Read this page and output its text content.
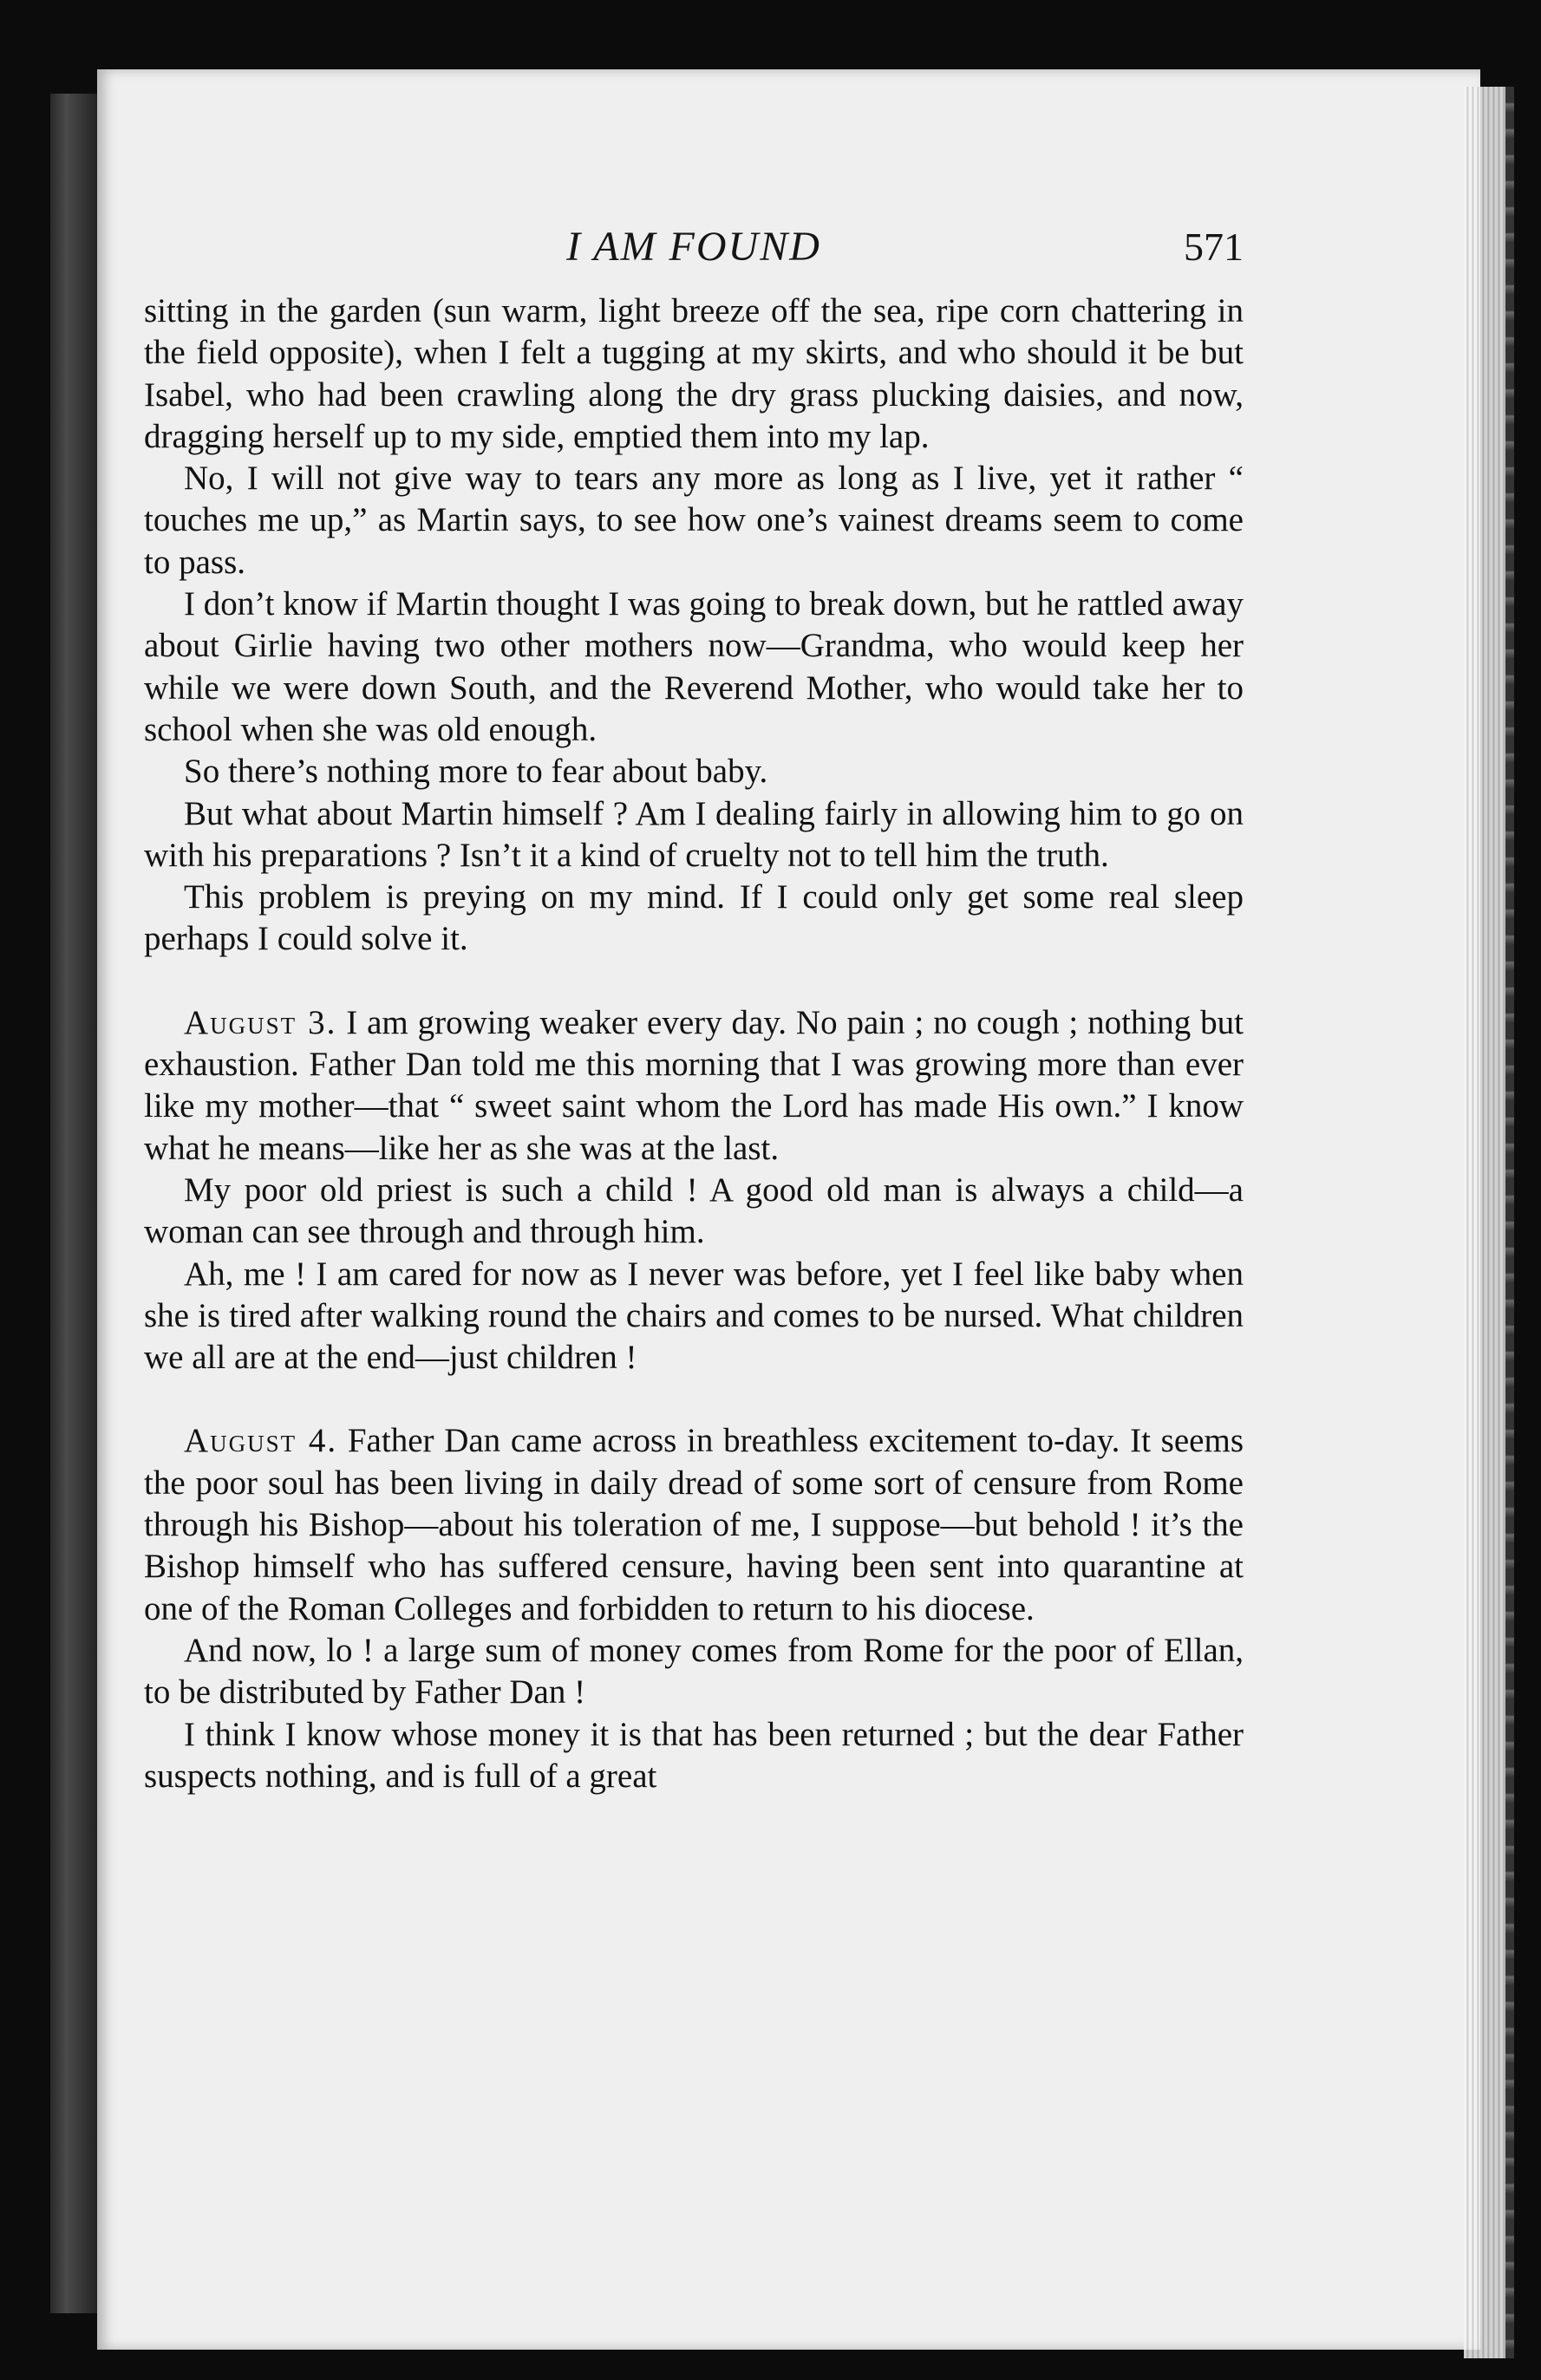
I AM FOUND	571

sitting in the garden (sun warm, light breeze off the sea, ripe corn chattering in the field opposite), when I felt a tugging at my skirts, and who should it be but Isabel, who had been crawling along the dry grass plucking daisies, and now, dragging herself up to my side, emptied them into my lap.

No, I will not give way to tears any more as long as I live, yet it rather “ touches me up,” as Martin says, to see how one’s vainest dreams seem to come to pass.

I don’t know if Martin thought I was going to break down, but he rattled away about Girlie having two other mothers now—Grandma, who would keep her while we were down South, and the Reverend Mother, who would take her to school when she was old enough.

So there’s nothing more to fear about baby.

But what about Martin himself ? Am I dealing fairly in allowing him to go on with his preparations ? Isn’t it a kind of cruelty not to tell him the truth.

This problem is preying on my mind. If I could only get some real sleep perhaps I could solve it.

August 3. I am growing weaker every day. No pain ; no cough ; nothing but exhaustion. Father Dan told me this morning that I was growing more than ever like my mother—that “ sweet saint whom the Lord has made His own.” I know what he means—like her as she was at the last.

My poor old priest is such a child ! A good old man is always a child—a woman can see through and through him.

Ah, me ! I am cared for now as I never was before, yet I feel like baby when she is tired after walking round the chairs and comes to be nursed. What children we all are at the end—just children !

August 4. Father Dan came across in breathless excitement to-day. It seems the poor soul has been living in daily dread of some sort of censure from Rome through his Bishop—about his toleration of me, I suppose—but behold ! it’s the Bishop himself who has suffered censure, having been sent into quarantine at one of the Roman Colleges and forbidden to return to his diocese.

And now, lo ! a large sum of money comes from Rome for the poor of Ellan, to be distributed by Father Dan !

I think I know whose money it is that has been returned ; but the dear Father suspects nothing, and is full of a great
